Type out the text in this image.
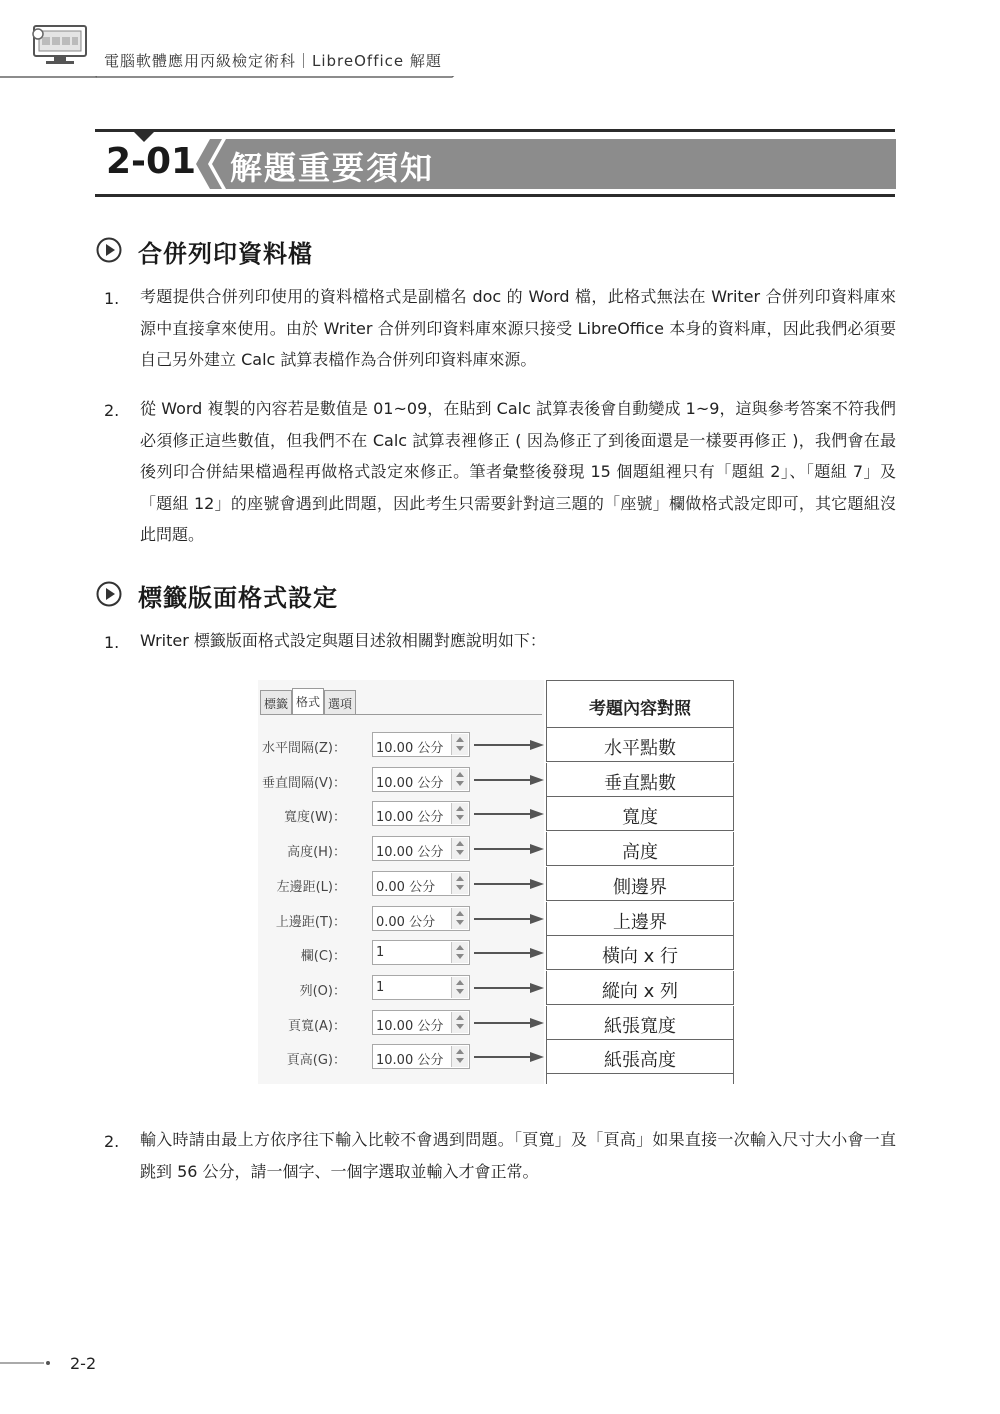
電腦軟體應用丙級檢定術科｜LibreOffice 解題
2-01 解題重要須知
合併列印資料檔
1. 考題提供合併列印使用的資料檔格式是副檔名 doc 的 Word 檔，此格式無法在 Writer 合併列印資料庫來源中直接拿來使用。由於 Writer 合併列印資料庫來源只接受 LibreOffice 本身的資料庫，因此我們必須要自己另外建立 Calc 試算表檔作為合併列印資料庫來源。
2. 從 Word 複製的內容若是數值是 01~09，在貼到 Calc 試算表後會自動變成 1~9，這與參考答案不符我們必須修正這些數值，但我們不在 Calc 試算表裡修正 ( 因為修正了到後面還是一樣要再修正 )，我們會在最後列印合併結果檔過程再做格式設定來修正。筆者彙整後發現 15 個題組裡只有「題組 2」、「題組 7」及「題組 12」的座號會遇到此問題，因此考生只需要針對這三題的「座號」欄做格式設定即可，其它題組沒此問題。
標籤版面格式設定
1. Writer 標籤版面格式設定與題目述敘相關對應說明如下：
標籤 格式 選項	考題內容對照
水平間隔(Z)： 10.00 公分	水平點數
垂直間隔(V)： 10.00 公分	垂直點數
寬度(W)： 10.00 公分	寬度
高度(H)： 10.00 公分	高度
左邊距(L)： 0.00 公分	側邊界
上邊距(T)： 0.00 公分	上邊界
欄(C)： 1	橫向 x 行
列(O)： 1	縱向 x 列
頁寬(A)： 10.00 公分	紙張寬度
頁高(G)： 10.00 公分	紙張高度
2. 輸入時請由最上方依序往下輸入比較不會遇到問題。「頁寬」及「頁高」如果直接一次輸入尺寸大小會一直跳到 56 公分，請一個字、一個字選取並輸入才會正常。
2-2
